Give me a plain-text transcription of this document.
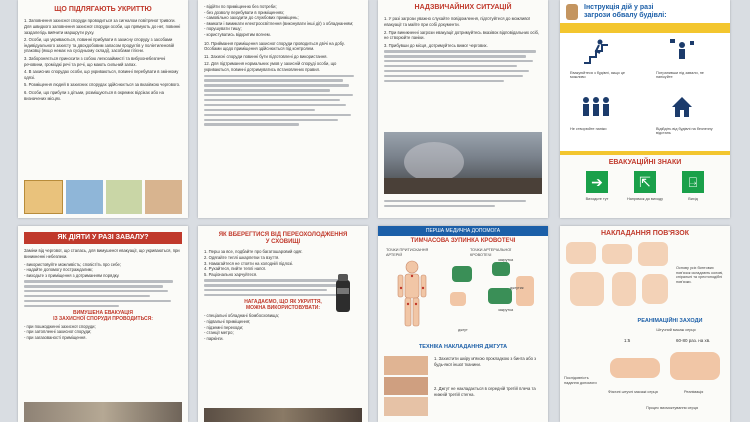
ЩО ПІДЛЯГАЮТЬ УКРИТТЮ

1. Заповнення захисної споруди проводиться за сигналом повітряної тривоги. Для швидкого заповнення захисної споруди особи, що прямують до неї, повинні заздалегідь вивчити маршрути руху.

2. Особи, що укриваються, повинні прибувати в захисну споруду з засобами індивідуального захисту та двохдобовим запасом продуктів у поліетиленовій упаковці (якщо немає на сусідньому складі), засобами гігієни.

3. Забороняється приносити з собою легкозаймисті та вибухонебезпечні речовини, громіздкі речі та речі, що мають сильний запах.

4. В захисних спорудах особи, що укриваються, повинні перебувати в змінному одязі.

5. Розміщення людей в захисних спорудах здійснюється за вказівкою чергового.

6. Особи, що прибули з дітьми, розміщуються в окремих відсіках або на визначених місцях.

- відійти по приміщенню без потреби;

- без дозволу перебувати в приміщеннях;

- самовільно заходити до службових приміщень;

- вмикати і вимикати електроосвітлення (виконувати інші дії) з обладнанням;

- порушувати тишу;

- користуватись відкритим вогнем.

10. Приймання приміщення захисної споруди проводиться двічі на добу. Особами щодо приміщення здійснюється під контролем.

11. Захисні споруди повинні бути підготовлені до використання.

12. Для підтримання нормальних умов у захисній споруді особи, що укриваються, повинні дотримуватись встановлених правил.

НАДЗВИЧАЙНИХ СИТУАЦІЙ

1. У разі загрози уважно слухайте повідомлення, підготуйтеся до можливої евакуації та майте при собі документи.

2. При виникненні загрози евакуації дотримуйтесь вказівок відповідальних осіб, не створюйте паніки.

3. Прибувши до місця, дотримуйтесь вимог чергових.

Інструкція дій у разі
загрози обвалу будівлі:
Евакуюйтеся з будівлі, якщо це можливо
Потрапивши під завали, не панікуйте
Не створюйте паніки	Відійдіть від будівлі на безпечну відстань
ЕВАКУАЦІЙНІ ЗНАКИ
➔	⇱	⍈
Виходьте тут	Напрямок до виходу	Вихід
ЯК ДІЯТИ У РАЗІ ЗАВАЛУ?

Заміни від чергової, що сталась, для вимушеної евакуації, що укриваються, при виникненні небезпеки.

- використовуйте можливість; сповістіть про себе;

- надайте допомогу постраждалим;

- виходьте з приміщення з дотриманням порядку.

ВИМУШЕНА ЕВАКУАЦІЯ
ІЗ ЗАХИСНОЇ СПОРУДИ ПРОВОДИТЬСЯ:

- при пошкодженні захисної споруди;

- при затопленні захисної споруди;

- при загазованості приміщення.

ЯК ВБЕРЕГТИСЯ ВІД ПЕРЕОХОЛОДЖЕННЯ
У СХОВИЩІ

1. Перш за все, подбайте про багатошаровий одяг.

2. Одягайте теплі шкарпетки та взуття.

3. Намагайтеся не стояти на холодній підлозі.

4. Рухайтеся, пийте теплі напої.

5. Раціонально харчуйтеся.

НАГАДАЄМО, ЩО ЯК УКРИТТЯ,
МОЖНА ВИКОРИСТОВУВАТИ:

- спеціальні обладнані бомбосховища;

- підвальні приміщення;

- підземні переходи;

- станції метро;

- паркінги.

ПЕРША МЕДИЧНА ДОПОМОГА
ТИМЧАСОВА ЗУПИНКА КРОВОТЕЧІ
ТОЧКИ ПРИТИСКАННЯ АРТЕРІЙ
ТОЧКИ АРТЕРІАЛЬНОЇ КРОВОТЕЧІ
закрутка
джгутик
закрутка
джгут
ТЕХНІКА НАКЛАДАННЯ ДЖГУТА

1. Захистити шкіру м'якою прокладкою з бинта або з будь-якої іншої тканини.

2. Джгут не накладається в середній третій плеча та нижній третій стегна.

НАКЛАДАННЯ ПОВ'ЯЗОК
Основу усіх бинтових пов'язок складають колові, спіральні та хрестоподібні пов'язки.
РЕАНІМАЦІЙНІ ЗАХОДИ
Штучний масаж серця
Послідовність надання допомоги
1:5	60-80 раз. на хв.
Фізичні штучні масажі серця	Реанімація
Процес висмоктування серця
